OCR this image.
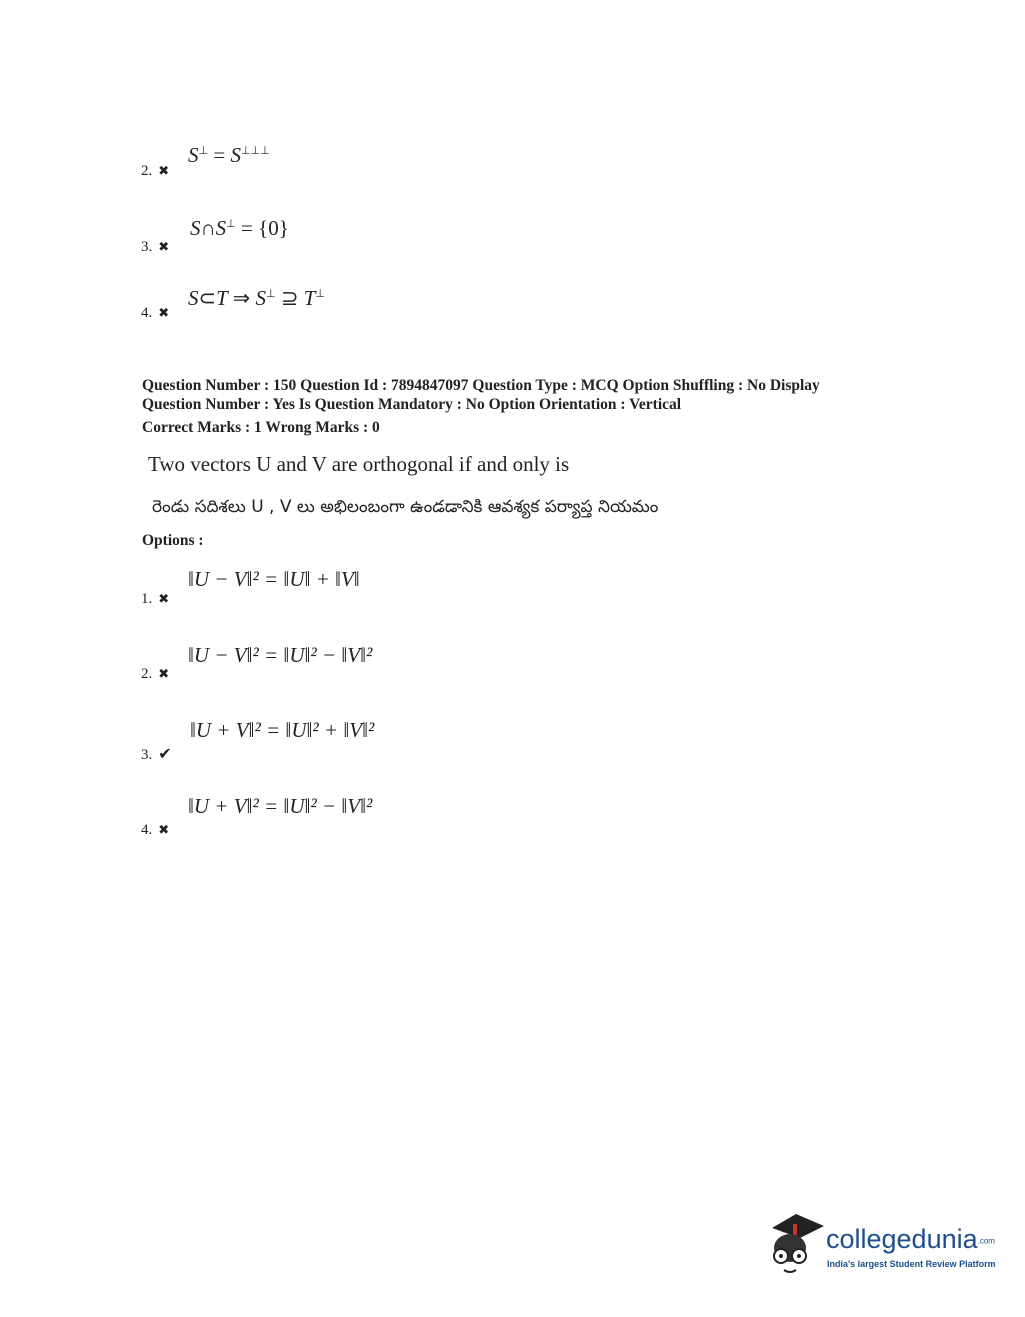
S⊥ = S⊥⊥⊥
2. ✖
S∩S⊥ = {0}
3. ✖
S⊂T ⇒ S⊥ ⊇ T⊥
4. ✖
Question Number : 150 Question Id : 7894847097 Question Type : MCQ Option Shuffling : No Display
Question Number : Yes Is Question Mandatory : No Option Orientation : Vertical
Correct Marks : 1 Wrong Marks : 0
Two vectors U and V are orthogonal if and only is
రెండు సదిశలు U , V లు అభిలంబంగా ఉండడానికి ఆవశ్యక పర్యాప్త నియమం
Options :
‖U − V‖² = ‖U‖ + ‖V‖
1. ✖
‖U − V‖² = ‖U‖² − ‖V‖²
2. ✖
‖U + V‖² = ‖U‖² + ‖V‖²
3. ✔
‖U + V‖² = ‖U‖² − ‖V‖²
4. ✖
collegedunia.com
India's largest Student Review Platform
